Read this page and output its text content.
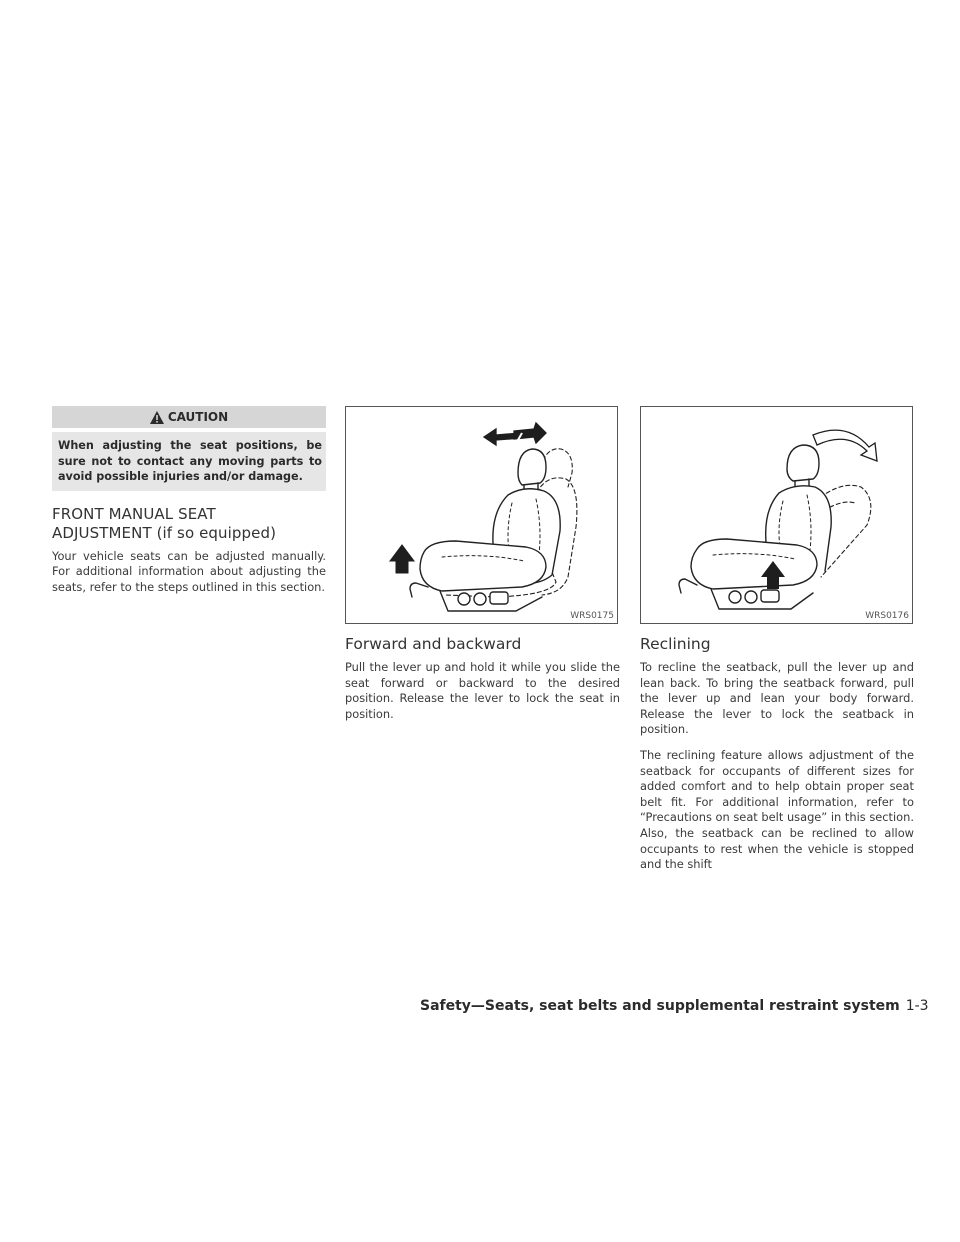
CAUTION
When adjusting the seat positions, be sure not to contact any moving parts to avoid possible injuries and/or damage.
FRONT MANUAL SEAT
ADJUSTMENT (if so equipped)
Your vehicle seats can be adjusted manually. For additional information about adjusting the seats, refer to the steps outlined in this section.
WRS0175
Forward and backward
Pull the lever up and hold it while you slide the seat forward or backward to the desired position. Release the lever to lock the seat in position.
WRS0176
Reclining
To recline the seatback, pull the lever up and lean back. To bring the seatback forward, pull the lever up and lean your body forward. Release the lever to lock the seatback in position.
The reclining feature allows adjustment of the seatback for occupants of different sizes for added comfort and to help obtain proper seat belt fit. For additional information, refer to “Precautions on seat belt usage” in this section. Also, the seatback can be reclined to allow occupants to rest when the vehicle is stopped and the shift
Safety—Seats, seat belts and supplemental restraint system 1-3
